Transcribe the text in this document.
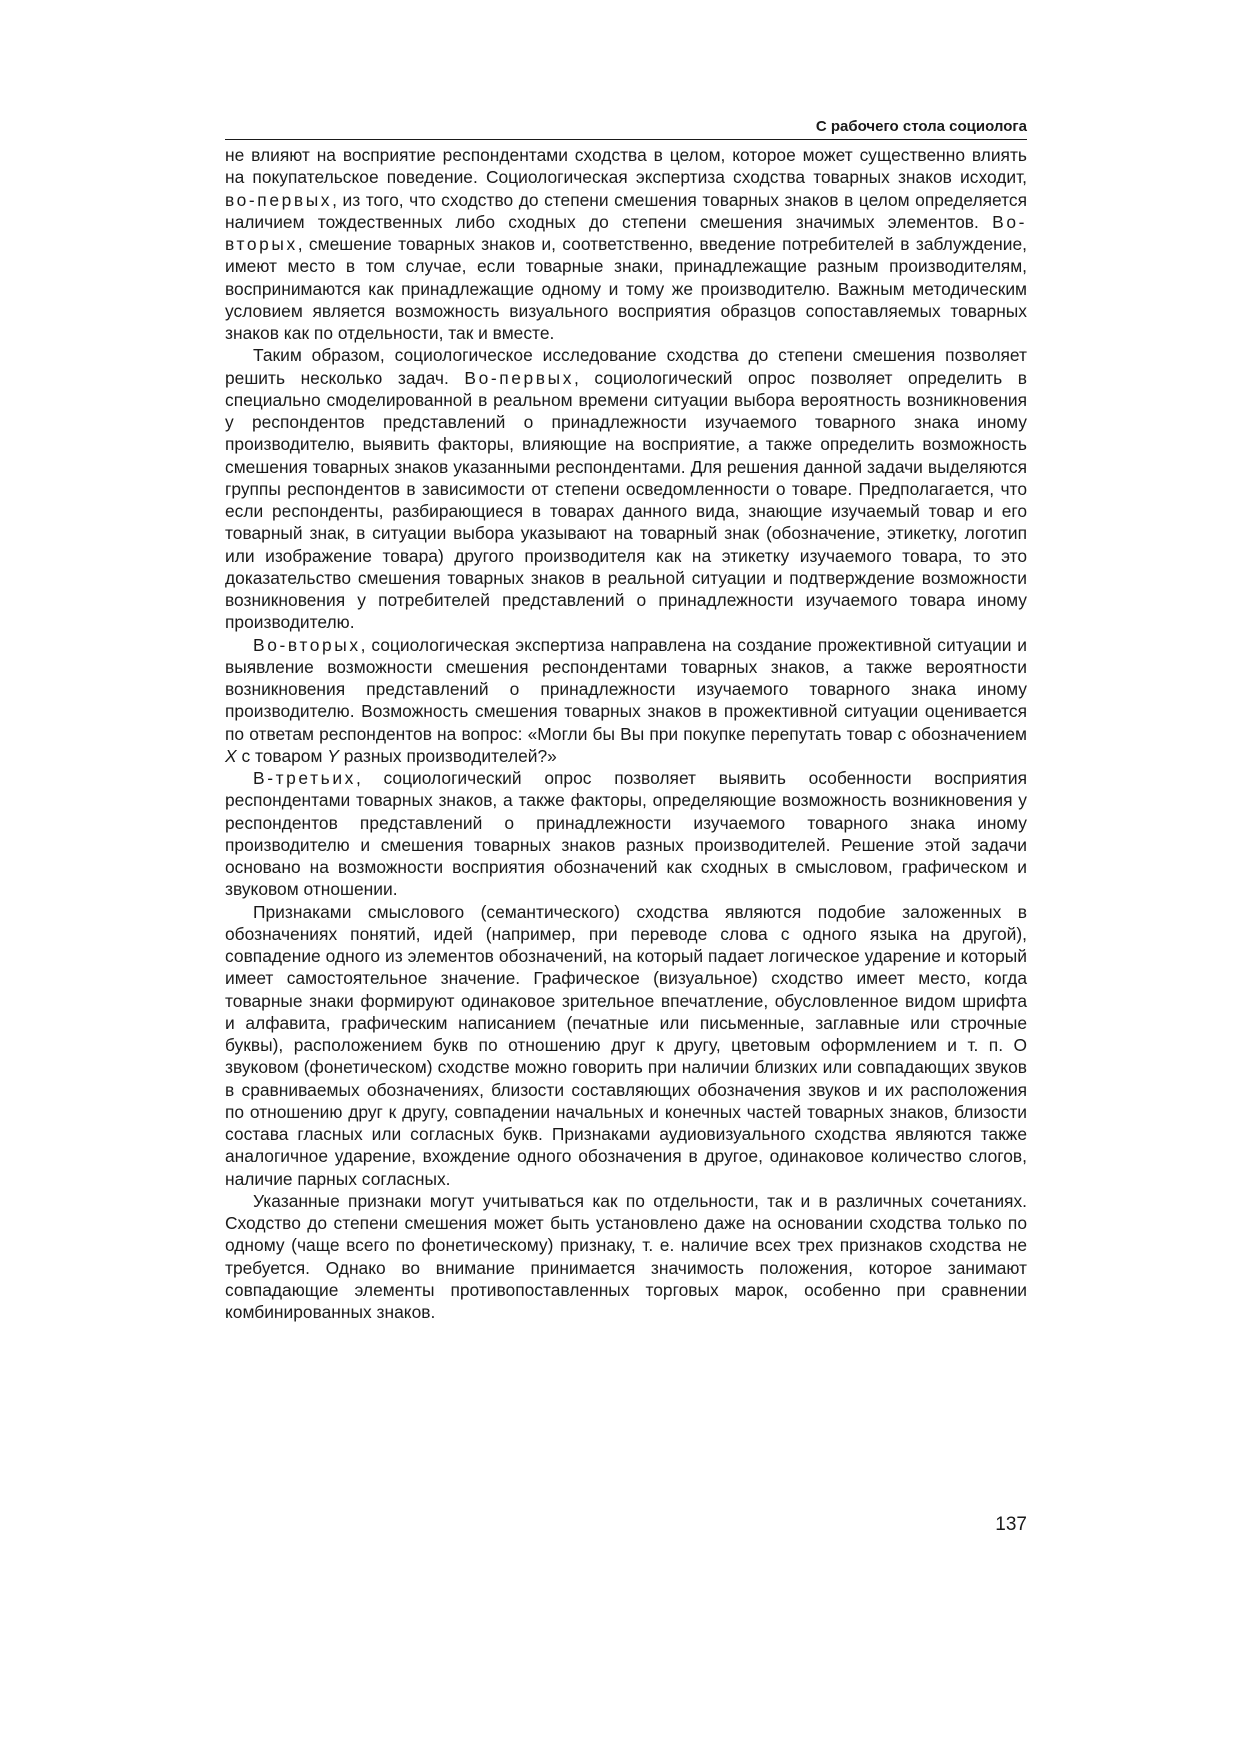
С рабочего стола социолога

не влияют на восприятие респондентами сходства в целом, которое может существенно влиять на покупательское поведение. Социологическая экспертиза сходства товарных знаков исходит, во-первых, из того, что сходство до степени смешения товарных знаков в целом определяется наличием тождественных либо сходных до степени смешения значимых элементов. Во-вторых, смешение товарных знаков и, соответственно, введение потребителей в заблуждение, имеют место в том случае, если товарные знаки, принадлежащие разным производителям, воспринимаются как принадлежащие одному и тому же производителю. Важным методическим условием является возможность визуального восприятия образцов сопоставляемых товарных знаков как по отдельности, так и вместе.

Таким образом, социологическое исследование сходства до степени смешения позволяет решить несколько задач. Во-первых, социологический опрос позволяет определить в специально смоделированной в реальном времени ситуации выбора вероятность возникновения у респондентов представлений о принадлежности изучаемого товарного знака иному производителю, выявить факторы, влияющие на восприятие, а также определить возможность смешения товарных знаков указанными респондентами. Для решения данной задачи выделяются группы респондентов в зависимости от степени осведомленности о товаре. Предполагается, что если респонденты, разбирающиеся в товарах данного вида, знающие изучаемый товар и его товарный знак, в ситуации выбора указывают на товарный знак (обозначение, этикетку, логотип или изображение товара) другого производителя как на этикетку изучаемого товара, то это доказательство смешения товарных знаков в реальной ситуации и подтверждение возможности возникновения у потребителей представлений о принадлежности изучаемого товара иному производителю.

Во-вторых, социологическая экспертиза направлена на создание прожективной ситуации и выявление возможности смешения респондентами товарных знаков, а также вероятности возникновения представлений о принадлежности изучаемого товарного знака иному производителю. Возможность смешения товарных знаков в прожективной ситуации оценивается по ответам респондентов на вопрос: «Могли бы Вы при покупке перепутать товар с обозначением X с товаром Y разных производителей?»

В-третьих, социологический опрос позволяет выявить особенности восприятия респондентами товарных знаков, а также факторы, определяющие возможность возникновения у респондентов представлений о принадлежности изучаемого товарного знака иному производителю и смешения товарных знаков разных производителей. Решение этой задачи основано на возможности восприятия обозначений как сходных в смысловом, графическом и звуковом отношении.

Признаками смыслового (семантического) сходства являются подобие заложенных в обозначениях понятий, идей (например, при переводе слова с одного языка на другой), совпадение одного из элементов обозначений, на который падает логическое ударение и который имеет самостоятельное значение. Графическое (визуальное) сходство имеет место, когда товарные знаки формируют одинаковое зрительное впечатление, обусловленное видом шрифта и алфавита, графическим написанием (печатные или письменные, заглавные или строчные буквы), расположением букв по отношению друг к другу, цветовым оформлением и т. п. О звуковом (фонетическом) сходстве можно говорить при наличии близких или совпадающих звуков в сравниваемых обозначениях, близости составляющих обозначения звуков и их расположения по отношению друг к другу, совпадении начальных и конечных частей товарных знаков, близости состава гласных или согласных букв. Признаками аудиовизуального сходства являются также аналогичное ударение, вхождение одного обозначения в другое, одинаковое количество слогов, наличие парных согласных.

Указанные признаки могут учитываться как по отдельности, так и в различных сочетаниях. Сходство до степени смешения может быть установлено даже на основании сходства только по одному (чаще всего по фонетическому) признаку, т. е. наличие всех трех признаков сходства не требуется. Однако во внимание принимается значимость положения, которое занимают совпадающие элементы противопоставленных торговых марок, особенно при сравнении комбинированных знаков.

137
